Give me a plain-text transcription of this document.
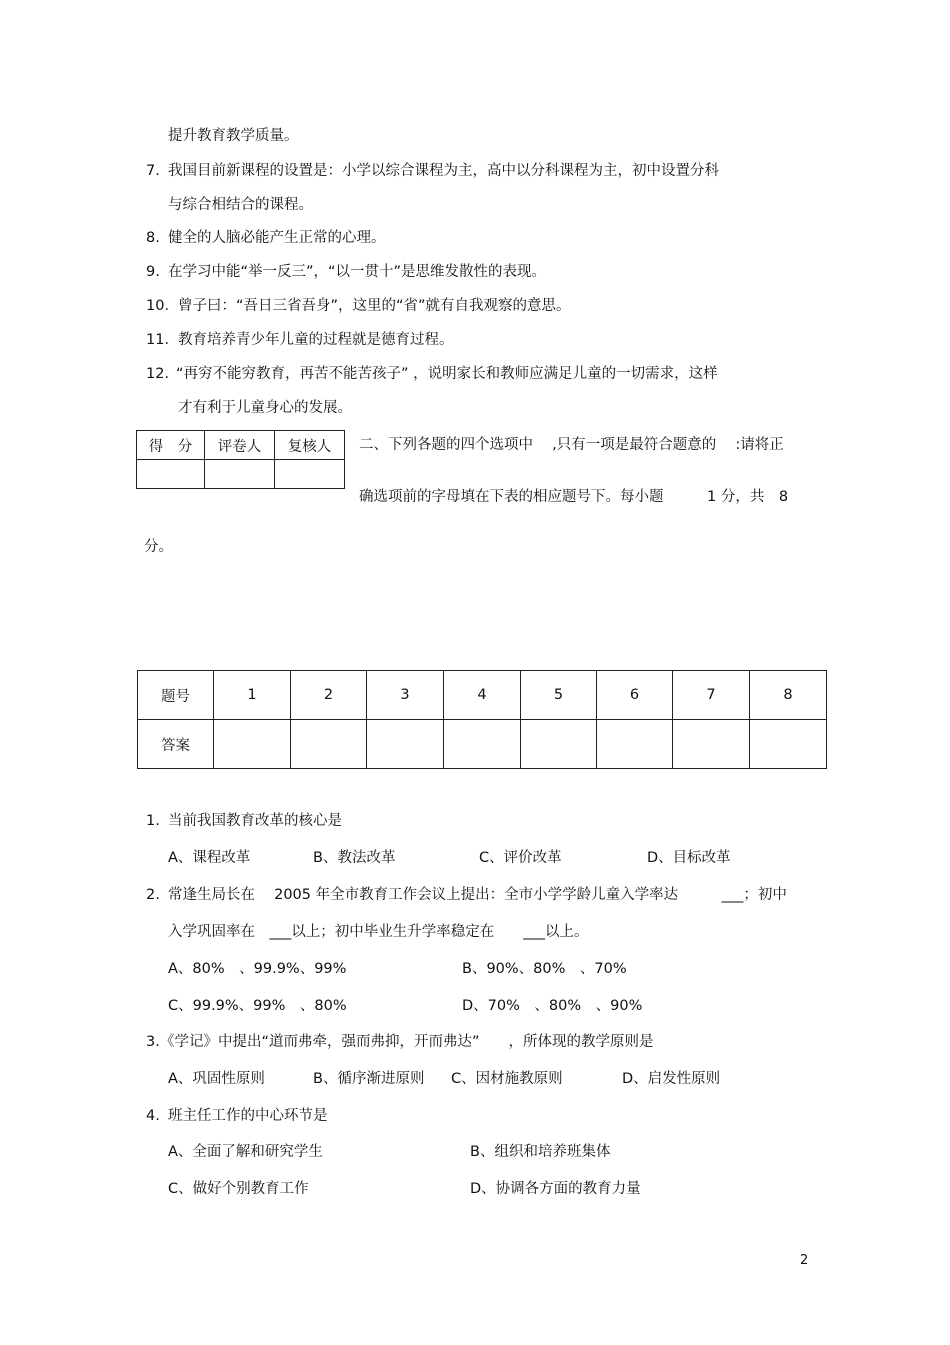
提升教育教学质量。
7. 我国目前新课程的设置是：小学以综合课程为主，高中以分科课程为主，初中设置分科
与综合相结合的课程。
8. 健全的人脑必能产生正常的心理。
9. 在学习中能“举一反三”，“以一贯十”是思维发散性的表现。
10． 曾子曰：“吾日三省吾身”，这里的“省”就有自我观察的意思。
11． 教育培养青少年儿童的过程就是德育过程。
12．
“再穷不能穷教育，再苦不能苦孩子” ，说明家长和教师应满足儿童的一切需求，这样
才有利于儿童身心的发展。
得　分	评卷人	复核人
		二、下列各题的四个选项中　 ,只有一项是最符合题意的　 :请将正
确选项前的字母填在下表的相应题号下。每小题　　　1 分，共　8
分。
题号	1	2	3	4	5	6	7	8
答案								
1. 当前我国教育改革的核心是
A、课程改革	B、教法改革	C、评价改革	D、目标改革
2. 常逢生局长在　 2005 年全市教育工作会议上提出：全市小学学龄儿童入学率达　　　___；初中
入学巩固率在　___以上；初中毕业生升学率稳定在　　___以上。
A、80%　、99.9%、99%	B、90%、80%　、70%
C、99.9%、99%　、80%	D、70%　、80%　、90%
3. 《学记》中提出“道而弗牵，强而弗抑，开而弗达”　　，所体现的教学原则是
A、巩固性原则	B、循序渐进原则 C、因材施教原则	D、启发性原则
4. 班主任工作的中心环节是
A、全面了解和研究学生	B、组织和培养班集体
C、做好个别教育工作	D、协调各方面的教育力量
2
